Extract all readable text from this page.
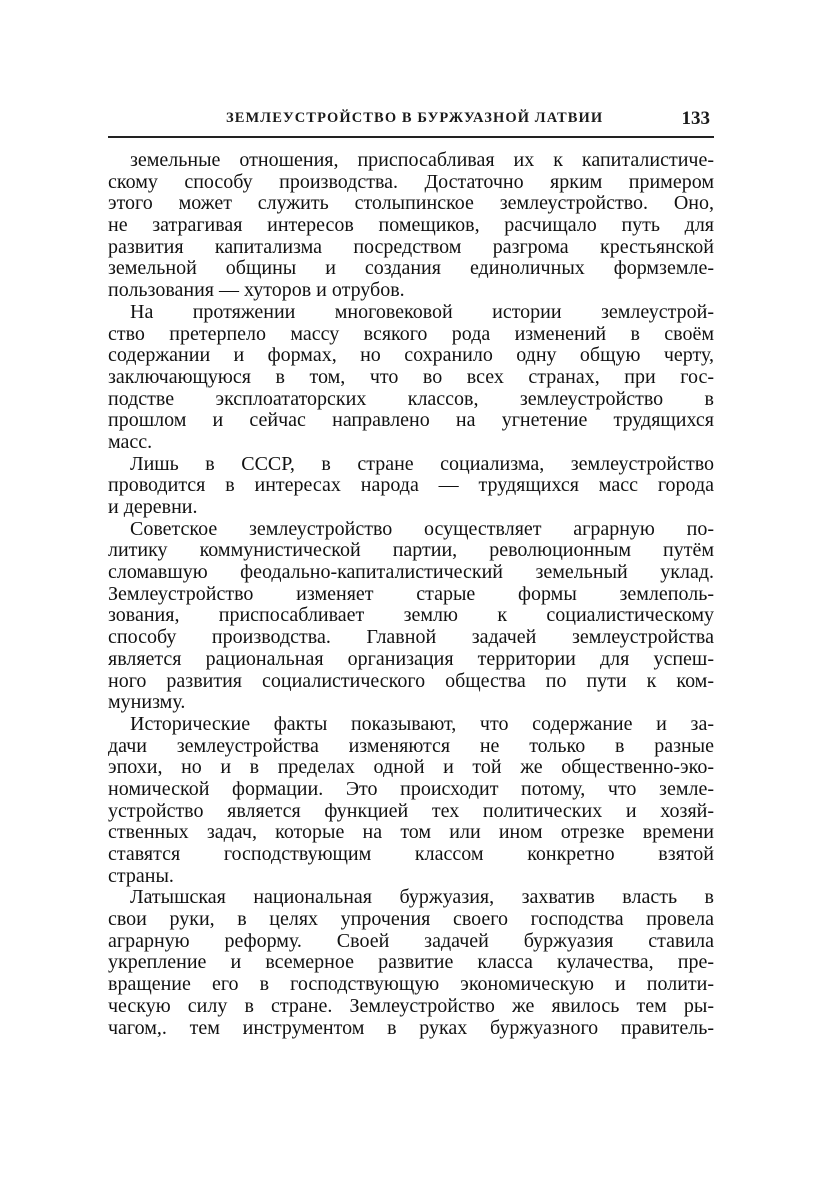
ЗЕМЛЕУСТРОЙСТВО В БУРЖУАЗНОЙ ЛАТВИИ	133
земельные отношения, приспосабливая их к капиталистиче-
скому способу производства. Достаточно ярким примером
этого может служить столыпинское землеустройство. Оно,
не затрагивая интересов помещиков, расчищало путь для
развития капитализма посредством разгрома крестьянской
земельной общины и создания единоличных формземле-
пользования — хуторов и отрубов.
На протяжении многовековой истории землеустрой-
ство претерпело массу всякого рода изменений в своём
содержании и формах, но сохранило одну общую черту,
заключающуюся в том, что во всех странах, при гос-
подстве эксплоататорских классов, землеустройство в
прошлом и сейчас направлено на угнетение трудящихся
масс.
Лишь в СССР, в стране социализма, землеустройство
проводится в интересах народа — трудящихся масс города
и деревни.
Советское землеустройство осуществляет аграрную по-
литику коммунистической партии, революционным путём
сломавшую феодально-капиталистический земельный уклад.
Землеустройство изменяет старые формы землеполь-
зования, приспосабливает землю к социалистическому
способу производства. Главной задачей землеустройства
является рациональная организация территории для успеш-
ного развития социалистического общества по пути к ком-
мунизму.
Исторические факты показывают, что содержание и за-
дачи землеустройства изменяются не только в разные
эпохи, но и в пределах одной и той же общественно-эко-
номической формации. Это происходит потому, что земле-
устройство является функцией тех политических и хозяй-
ственных задач, которые на том или ином отрезке времени
ставятся господствующим классом конкретно взятой
страны.
Латышская национальная буржуазия, захватив власть в
свои руки, в целях упрочения своего господства провела
аграрную реформу. Своей задачей буржуазия ставила
укрепление и всемерное развитие класса кулачества, пре-
вращение его в господствующую экономическую и полити-
ческую силу в стране. Землеустройство же явилось тем ры-
чагом,. тем инструментом в руках буржуазного правитель-
